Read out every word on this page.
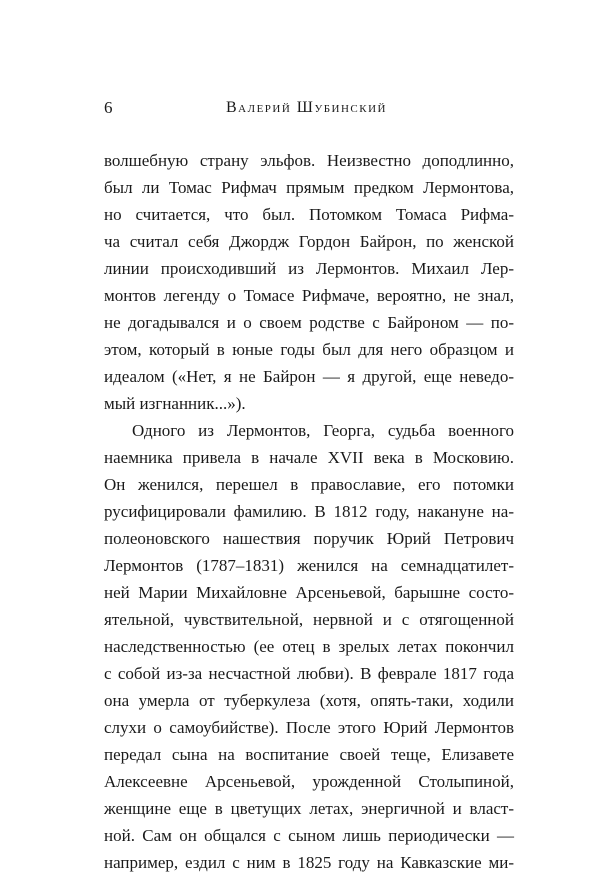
6	Валерий Шубинский
волшебную страну эльфов. Неизвестно доподлинно,
был ли Томас Рифмач прямым предком Лермонтова,
но считается, что был. Потомком Томаса Рифма-
ча считал себя Джордж Гордон Байрон, по женской
линии происходивший из Лермонтов. Михаил Лер-
монтов легенду о Томасе Рифмаче, вероятно, не знал,
не догадывался и о своем родстве с Байроном — по-
этом, который в юные годы был для него образцом и
идеалом («Нет, я не Байрон — я другой, еще неведо-
мый изгнанник...»).
Одного из Лермонтов, Георга, судьба военного
наемника привела в начале XVII века в Московию.
Он женился, перешел в православие, его потомки
русифицировали фамилию. В 1812 году, накануне на-
полеоновского нашествия поручик Юрий Петрович
Лермонтов (1787–1831) женился на семнадцатилет-
ней Марии Михайловне Арсеньевой, барышне состо-
ятельной, чувствительной, нервной и с отягощенной
наследственностью (ее отец в зрелых летах покончил
с собой из-за несчастной любви). В феврале 1817 года
она умерла от туберкулеза (хотя, опять-таки, ходили
слухи о самоубийстве). После этого Юрий Лермонтов
передал сына на воспитание своей теще, Елизавете
Алексеевне Арсеньевой, урожденной Столыпиной,
женщине еще в цветущих летах, энергичной и власт-
ной. Сам он общался с сыном лишь периодически —
например, ездил с ним в 1825 году на Кавказские ми-
